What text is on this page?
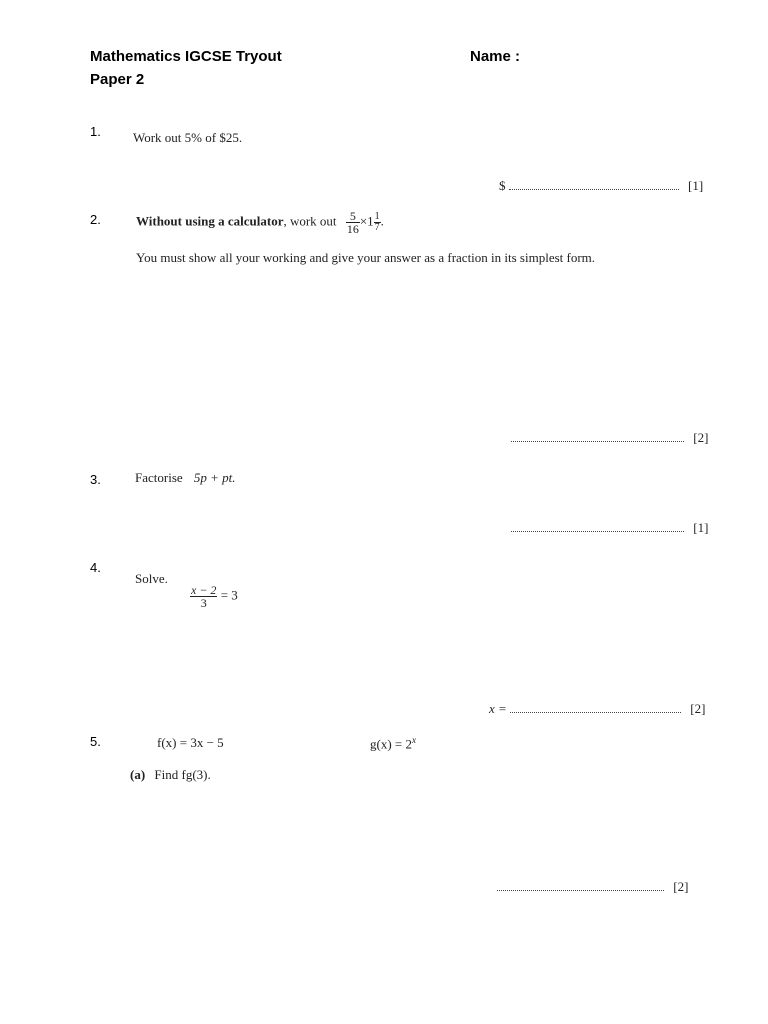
Mathematics IGCSE Tryout
Paper 2
Name :
1. Work out 5% of $25.
$	[1]
2.	Without using a calculator, work out $\frac{5}{16} \times 1 \frac{1}{7}$ .
You must show all your working and give your answer as a fraction in its simplest form.
[2]
3.	Factorise 5p + pt.
[1]
4.
Solve.
$\frac{x - 2}{3} = 3$
x =	[2]
5.	f(x) = 3x − 5	$g(x) = 2^x$
(a) Find fg(3).
[2]
